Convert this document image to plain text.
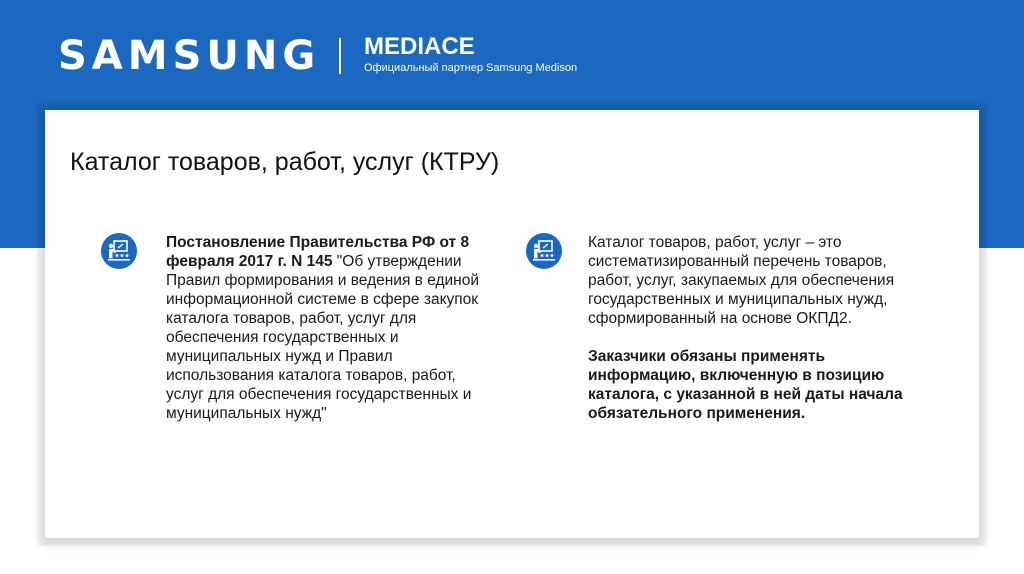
SAMSUNG MEDIACE
Официальный партнер Samsung Medison
Каталог товаров, работ, услуг (КТРУ)
Постановление Правительства РФ от 8 февраля 2017 г. N 145 "Об утверждении Правил формирования и ведения в единой информационной системе в сфере закупок каталога товаров, работ, услуг для обеспечения государственных и муниципальных нужд и Правил использования каталога товаров, работ, услуг для обеспечения государственных и муниципальных нужд"

Каталог товаров, работ, услуг – это систематизированный перечень товаров, работ, услуг, закупаемых для обеспечения государственных и муниципальных нужд, сформированный на основе ОКПД2.

Заказчики обязаны применять информацию, включенную в позицию каталога, с указанной в ней даты начала обязательного применения.
